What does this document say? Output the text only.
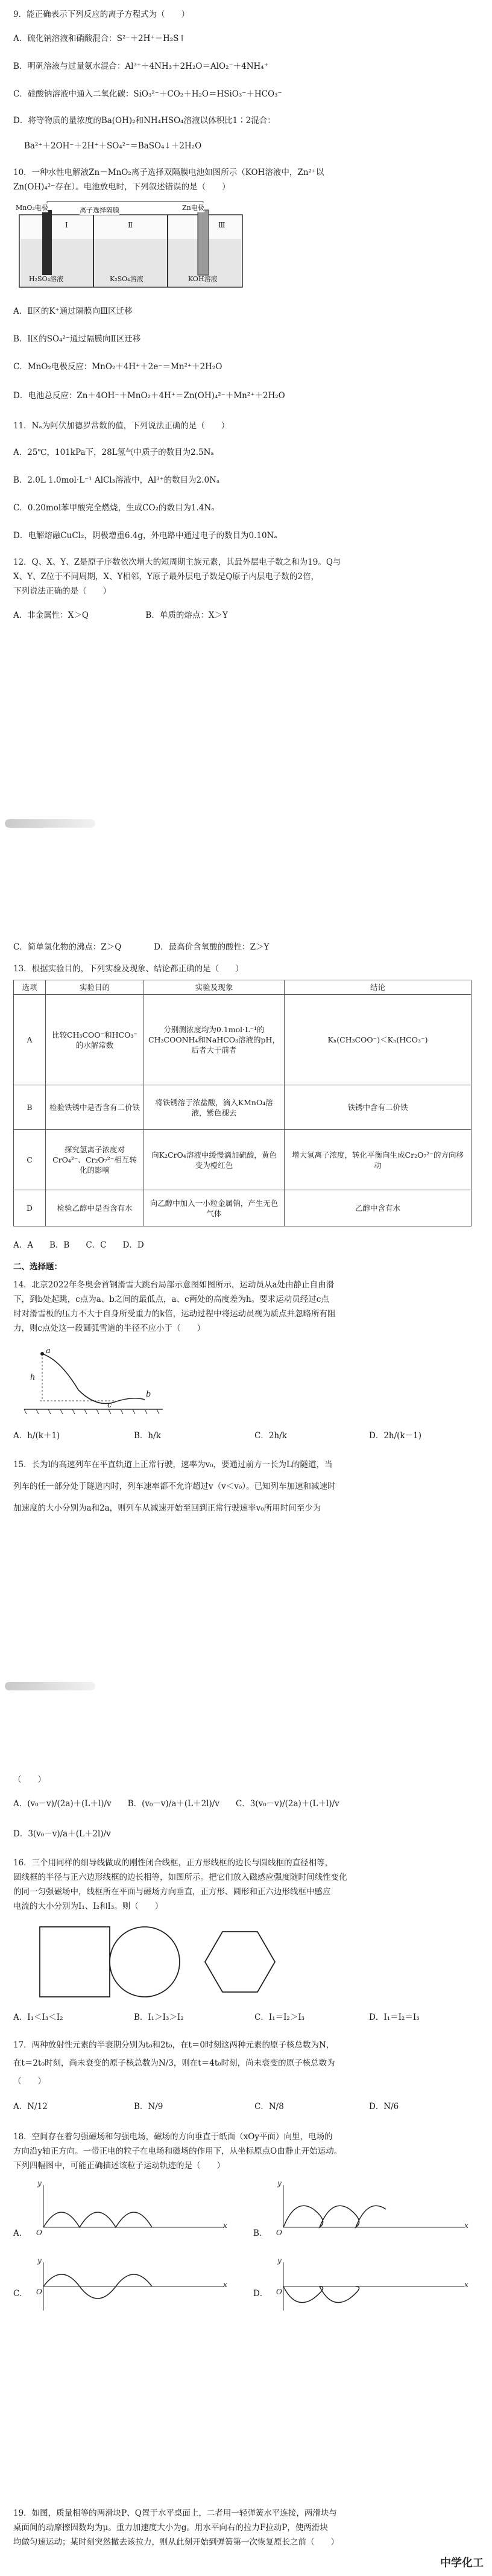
9．能正确表示下列反应的离子方程式为（　　）
A．硫化钠溶液和硝酸混合：S²⁻＋2H⁺＝H₂S↑
B．明矾溶液与过量氨水混合：Al³⁺＋4NH₃＋2H₂O＝AlO₂⁻＋4NH₄⁺
C．硅酸钠溶液中通入二氧化碳：SiO₃²⁻＋CO₂＋H₂O＝HSiO₃⁻＋HCO₃⁻
D．将等物质的量浓度的Ba(OH)₂和NH₄HSO₄溶液以体积比1∶2混合：
Ba²⁺＋2OH⁻＋2H⁺＋SO₄²⁻＝BaSO₄↓＋2H₂O
10．一种水性电解液Zn－MnO₂离子选择双隔膜电池如图所示（KOH溶液中，Zn²⁺以
Zn(OH)₄²⁻存在）。电池放电时，下列叙述错误的是（　　）
MnO₂电极	离子选择隔膜	Zn电极
Ⅰ	Ⅱ	Ⅲ
H₂SO₄溶液	K₂SO₄溶液	KOH溶液
A．Ⅱ区的K⁺通过隔膜向Ⅲ区迁移
B．Ⅰ区的SO₄²⁻通过隔膜向Ⅱ区迁移
C．MnO₂电极反应：MnO₂＋4H⁺＋2e⁻＝Mn²⁺＋2H₂O
D．电池总反应：Zn＋4OH⁻＋MnO₂＋4H⁺＝Zn(OH)₄²⁻＋Mn²⁺＋2H₂O
11．Nₐ为阿伏加德罗常数的值，下列说法正确的是（　　）
A．25℃，101kPa下，28L氢气中质子的数目为2.5Nₐ
B．2.0L 1.0mol·L⁻¹ AlCl₃溶液中，Al³⁺的数目为2.0Nₐ
C．0.20mol苯甲酸完全燃烧，生成CO₂的数目为1.4Nₐ
D．电解熔融CuCl₂，阴极增重6.4g，外电路中通过电子的数目为0.10Nₐ
12．Q、X、Y、Z是原子序数依次增大的短周期主族元素，其最外层电子数之和为19。Q与
X、Y、Z位于不同周期，X、Y相邻，Y原子最外层电子数是Q原子内层电子数的2倍，
下列说法正确的是（　　）
A．非金属性：X＞Q　　　　　　　B．单质的熔点：X＞Y
C．简单氢化物的沸点：Z＞Q　　　　D．最高价含氧酸的酸性：Z＞Y
13．根据实验目的，下列实验及现象、结论都正确的是（　　）
选项	实验目的	实验及现象	结论
A	比较CH₃COO⁻和HCO₃⁻的水解常数	分别测浓度均为0.1mol·L⁻¹的CH₃COONH₄和NaHCO₃溶液的pH，后者大于前者	Kₕ(CH₃COO⁻)＜Kₕ(HCO₃⁻)
B	检验铁锈中是否含有二价铁	将铁锈溶于浓盐酸，滴入KMnO₄溶液，紫色褪去	铁锈中含有二价铁
C	探究氢离子浓度对CrO₄²⁻、Cr₂O₇²⁻相互转化的影响	向K₂CrO₄溶液中缓慢滴加硫酸，黄色变为橙红色	增大氢离子浓度，转化平衡向生成Cr₂O₇²⁻的方向移动
D	检验乙醇中是否含有水	向乙醇中加入一小粒金属钠，产生无色气体	乙醇中含有水
A．A　　B．B　　C．C　　D．D
二、选择题：
14．北京2022年冬奥会首钢滑雪大跳台局部示意图如图所示，运动员从a处由静止自由滑
下，到b处起跳，c点为a、b之间的最低点，a、c两处的高度差为h。要求运动员经过c点
时对滑雪板的压力不大于自身所受重力的k倍，运动过程中将运动员视为质点并忽略所有阻
力，则c点处这一段圆弧雪道的半径不应小于（　　）
a
h
c
b
A．h/(k＋1)	B．h/k	C．2h/k	D．2h/(k－1)
15．长为l的高速列车在平直轨道上正常行驶，速率为v₀，要通过前方一长为L的隧道，当
列车的任一部分处于隧道内时，列车速率都不允许超过v（v＜v₀）。已知列车加速和减速时
加速度的大小分别为a和2a，则列车从减速开始至回到正常行驶速率v₀所用时间至少为
（　　）
A．(v₀－v)/(2a)＋(L＋l)/v　　B．(v₀－v)/a＋(L＋2l)/v　　C．3(v₀－v)/(2a)＋(L＋l)/v
D．3(v₀－v)/a＋(L＋2l)/v
16．三个用同样的细导线做成的刚性闭合线框，正方形线框的边长与圆线框的直径相等，
圆线框的半径与正六边形线框的边长相等，如图所示。把它们放入磁感应强度随时间线性变化
的同一匀强磁场中，线框所在平面与磁场方向垂直，正方形、圆形和正六边形线框中感应
电流的大小分别为I₁、I₂和I₃。则（　　）
A．I₁＜I₃＜I₂	B．I₁＞I₃＞I₂	C．I₁＝I₂＞I₃	D．I₁＝I₂＝I₃
17．两种放射性元素的半衰期分别为t₀和2t₀，在t＝0时刻这两种元素的原子核总数为N，
在t＝2t₀时刻，尚未衰变的原子核总数为N/3，则在t＝4t₀时刻，尚未衰变的原子核总数为
（　　）
A．N/12	B．N/9	C．N/8	D．N/6
18．空间存在着匀强磁场和匀强电场，磁场的方向垂直于纸面（xOy平面）向里，电场的
方向沿y轴正方向。一带正电的粒子在电场和磁场的作用下，从坐标原点O由静止开始运动。
下列四幅图中，可能正确描述该粒子运动轨迹的是（　　）
A．
x
y
O	B．
x
y
O
C．
x
y
O	D．
x
y
O
19．如图，质量相等的两滑块P、Q置于水平桌面上，二者用一轻弹簧水平连接，两滑块与
桌面间的动摩擦因数均为μ。重力加速度大小为g。用水平向右的拉力F拉动P，使两滑块
均做匀速运动；某时刻突然撤去该拉力，则从此刻开始到弹簧第一次恢复原长之前（　　）
中学化工
